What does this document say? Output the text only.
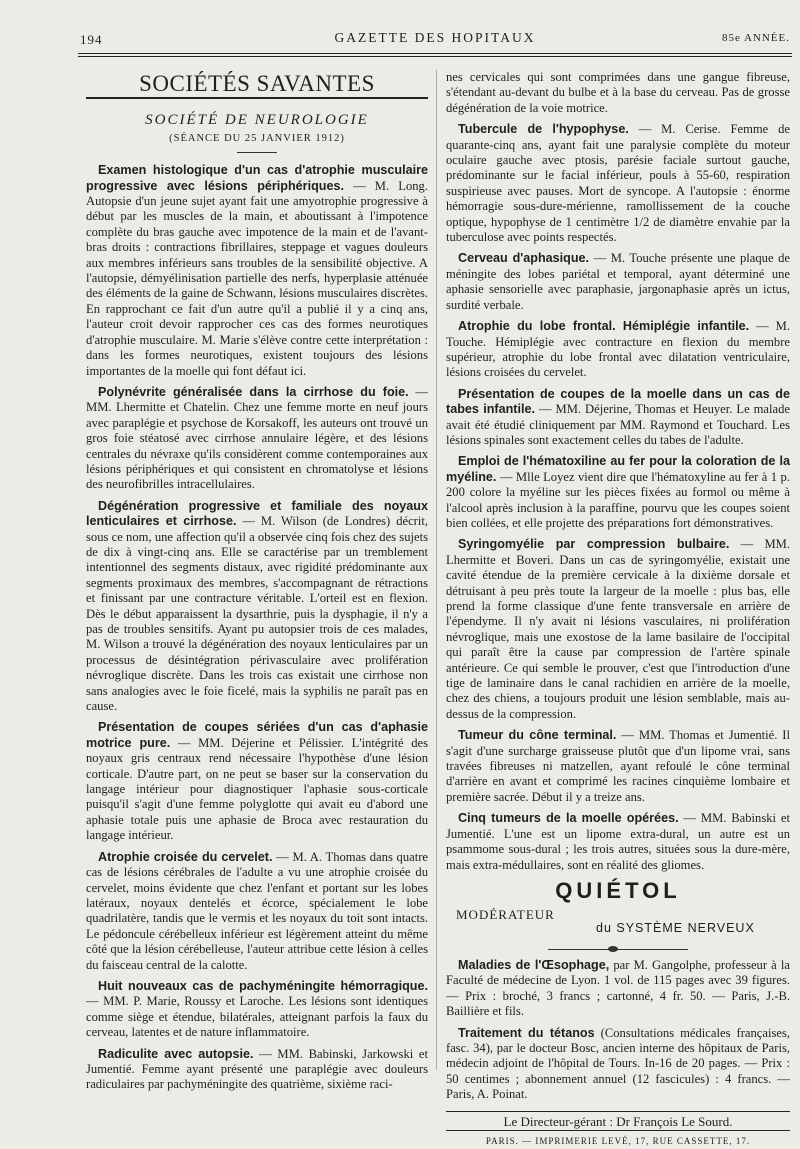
194	GAZETTE DES HOPITAUX	85e ANNÉE.
SOCIÉTÉS SAVANTES
SOCIÉTÉ DE NEUROLOGIE
(SÉANCE DU 25 JANVIER 1912)

Examen histologique d'un cas d'atrophie musculaire progressive avec lésions périphériques. — M. Long. Autopsie d'un jeune sujet ayant fait une amyotrophie progressive à début par les muscles de la main, et aboutissant à l'impotence complète du bras gauche avec impotence de la main et de l'avant-bras droits : contractions fibrillaires, steppage et vagues douleurs aux membres inférieurs sans troubles de la sensibilité objective. A l'autopsie, démyélinisation partielle des nerfs, hyperplasie atténuée des éléments de la gaine de Schwann, lésions musculaires discrètes. En rapprochant ce fait d'un autre qu'il a publié il y a cinq ans, l'auteur croit devoir rapprocher ces cas des formes neurotiques d'atrophie musculaire. M. Marie s'élève contre cette interprétation : dans les formes neurotiques, existent toujours des lésions importantes de la moelle qui font défaut ici.

Polynévrite généralisée dans la cirrhose du foie. — MM. Lhermitte et Chatelin. Chez une femme morte en neuf jours avec paraplégie et psychose de Korsakoff, les auteurs ont trouvé un gros foie stéatosé avec cirrhose annulaire légère, et des lésions centrales du névraxe qu'ils considèrent comme contemporaines aux lésions périphériques et qui consistent en chromatolyse et lésions des neurofibrilles intracellulaires.

Dégénération progressive et familiale des noyaux lenticulaires et cirrhose. — M. Wilson (de Londres) décrit, sous ce nom, une affection qu'il a observée cinq fois chez des sujets de dix à vingt-cinq ans. Elle se caractérise par un tremblement intentionnel des segments distaux, avec rigidité prédominante aux segments proximaux des membres, s'accompagnant de rétractions et finissant par une contracture véritable. L'orteil est en flexion. Dès le début apparaissent la dysarthrie, puis la dysphagie, il n'y a pas de troubles sensitifs. Ayant pu autopsier trois de ces malades, M. Wilson a trouvé la dégénération des noyaux lenticulaires par un processus de désintégration périvasculaire avec prolifération névroglique discrète. Dans les trois cas existait une cirrhose non sans analogies avec le foie ficelé, mais la syphilis ne paraît pas en cause.

Présentation de coupes sériées d'un cas d'aphasie motrice pure. — MM. Déjerine et Pélissier. L'intégrité des noyaux gris centraux rend nécessaire l'hypothèse d'une lésion corticale. D'autre part, on ne peut se baser sur la conservation du langage intérieur pour diagnostiquer l'aphasie sous-corticale puisqu'il s'agit d'une femme polyglotte qui avait eu d'abord une aphasie totale puis une aphasie de Broca avec restauration du langage intérieur.

Atrophie croisée du cervelet. — M. A. Thomas dans quatre cas de lésions cérébrales de l'adulte a vu une atrophie croisée du cervelet, moins évidente que chez l'enfant et portant sur les lobes latéraux, noyaux dentelés et écorce, spécialement le lobe quadrilatère, tandis que le vermis et les noyaux du toit sont intacts. Le pédoncule cérébelleux inférieur est légèrement atteint du même côté que la lésion cérébelleuse, l'auteur attribue cette lésion à celles du faisceau central de la calotte.

Huit nouveaux cas de pachyméningite hémorragique. — MM. P. Marie, Roussy et Laroche. Les lésions sont identiques comme siège et étendue, bilatérales, atteignant parfois la faux du cerveau, latentes et de nature inflammatoire.

Radiculite avec autopsie. — MM. Babinski, Jarkowski et Jumentié. Femme ayant présenté une paraplégie avec douleurs radiculaires par pachyméningite des quatrième, sixième raci-

nes cervicales qui sont comprimées dans une gangue fibreuse, s'étendant au-devant du bulbe et à la base du cerveau. Pas de grosse dégénération de la voie motrice.

Tubercule de l'hypophyse. — M. Cerise. Femme de quarante-cinq ans, ayant fait une paralysie complète du moteur oculaire gauche avec ptosis, parésie faciale surtout gauche, prédominante sur le facial inférieur, pouls à 55-60, respiration suspirieuse avec pauses. Mort de syncope. A l'autopsie : énorme hémorragie sous-dure-mérienne, ramollissement de la couche optique, hypophyse de 1 centimètre 1/2 de diamètre envahie par la tuberculose avec points respectés.

Cerveau d'aphasique. — M. Touche présente une plaque de méningite des lobes pariétal et temporal, ayant déterminé une aphasie sensorielle avec paraphasie, jargonaphasie après un ictus, surdité verbale.

Atrophie du lobe frontal. Hémiplégie infantile. — M. Touche. Hémiplégie avec contracture en flexion du membre supérieur, atrophie du lobe frontal avec dilatation ventriculaire, lésions croisées du cervelet.

Présentation de coupes de la moelle dans un cas de tabes infantile. — MM. Déjerine, Thomas et Heuyer. Le malade avait été étudié cliniquement par MM. Raymond et Touchard. Les lésions spinales sont exactement celles du tabes de l'adulte.

Emploi de l'hématoxiline au fer pour la coloration de la myéline. — Mlle Loyez vient dire que l'hématoxyline au fer à 1 p. 200 colore la myéline sur les pièces fixées au formol ou même à l'alcool après inclusion à la paraffine, pourvu que les coupes soient bien collées, et elle projette des préparations fort démonstratives.

Syringomyélie par compression bulbaire. — MM. Lhermitte et Boveri. Dans un cas de syringomyélie, existait une cavité étendue de la première cervicale à la dixième dorsale et détruisant à peu près toute la largeur de la moelle : plus bas, elle prend la forme classique d'une fente transversale en arrière de l'épendyme. Il n'y avait ni lésions vasculaires, ni prolifération névroglique, mais une exostose de la lame basilaire de l'occipital qui paraît être la cause par compression de l'artère spinale antérieure. Ce qui semble le prouver, c'est que l'introduction d'une tige de laminaire dans le canal rachidien en arrière de la moelle, chez des chiens, a toujours produit une lésion semblable, mais au-dessus de la compression.

Tumeur du cône terminal. — MM. Thomas et Jumentié. Il s'agit d'une surcharge graisseuse plutôt que d'un lipome vrai, sans travées fibreuses ni matzellen, ayant refoulé le cône terminal d'arrière en avant et comprimé les racines cinquième lombaire et première sacrée. Début il y a treize ans.

Cinq tumeurs de la moelle opérées. — MM. Babinski et Jumentié. L'une est un lipome extra-dural, un autre est un psammome sous-dural ; les trois autres, situées sous la dure-mère, mais extra-médullaires, sont en réalité des gliomes.

QUIÉTOL
MODÉRATEUR
du SYSTÈME NERVEUX

Maladies de l'Œsophage, par M. Gangolphe, professeur à la Faculté de médecine de Lyon. 1 vol. de 115 pages avec 39 figures. — Prix : broché, 3 francs ; cartonné, 4 fr. 50. — Paris, J.-B. Baillière et fils.

Traitement du tétanos (Consultations médicales françaises, fasc. 34), par le docteur Bosc, ancien interne des hôpitaux de Paris, médecin adjoint de l'hôpital de Tours. In-16 de 20 pages. — Prix : 50 centimes ; abonnement annuel (12 fascicules) : 4 francs. — Paris, A. Poinat.

Le Directeur-gérant : Dr François Le Sourd.
PARIS. — IMPRIMERIE LEVÉ, 17, RUE CASSETTE, 17.
